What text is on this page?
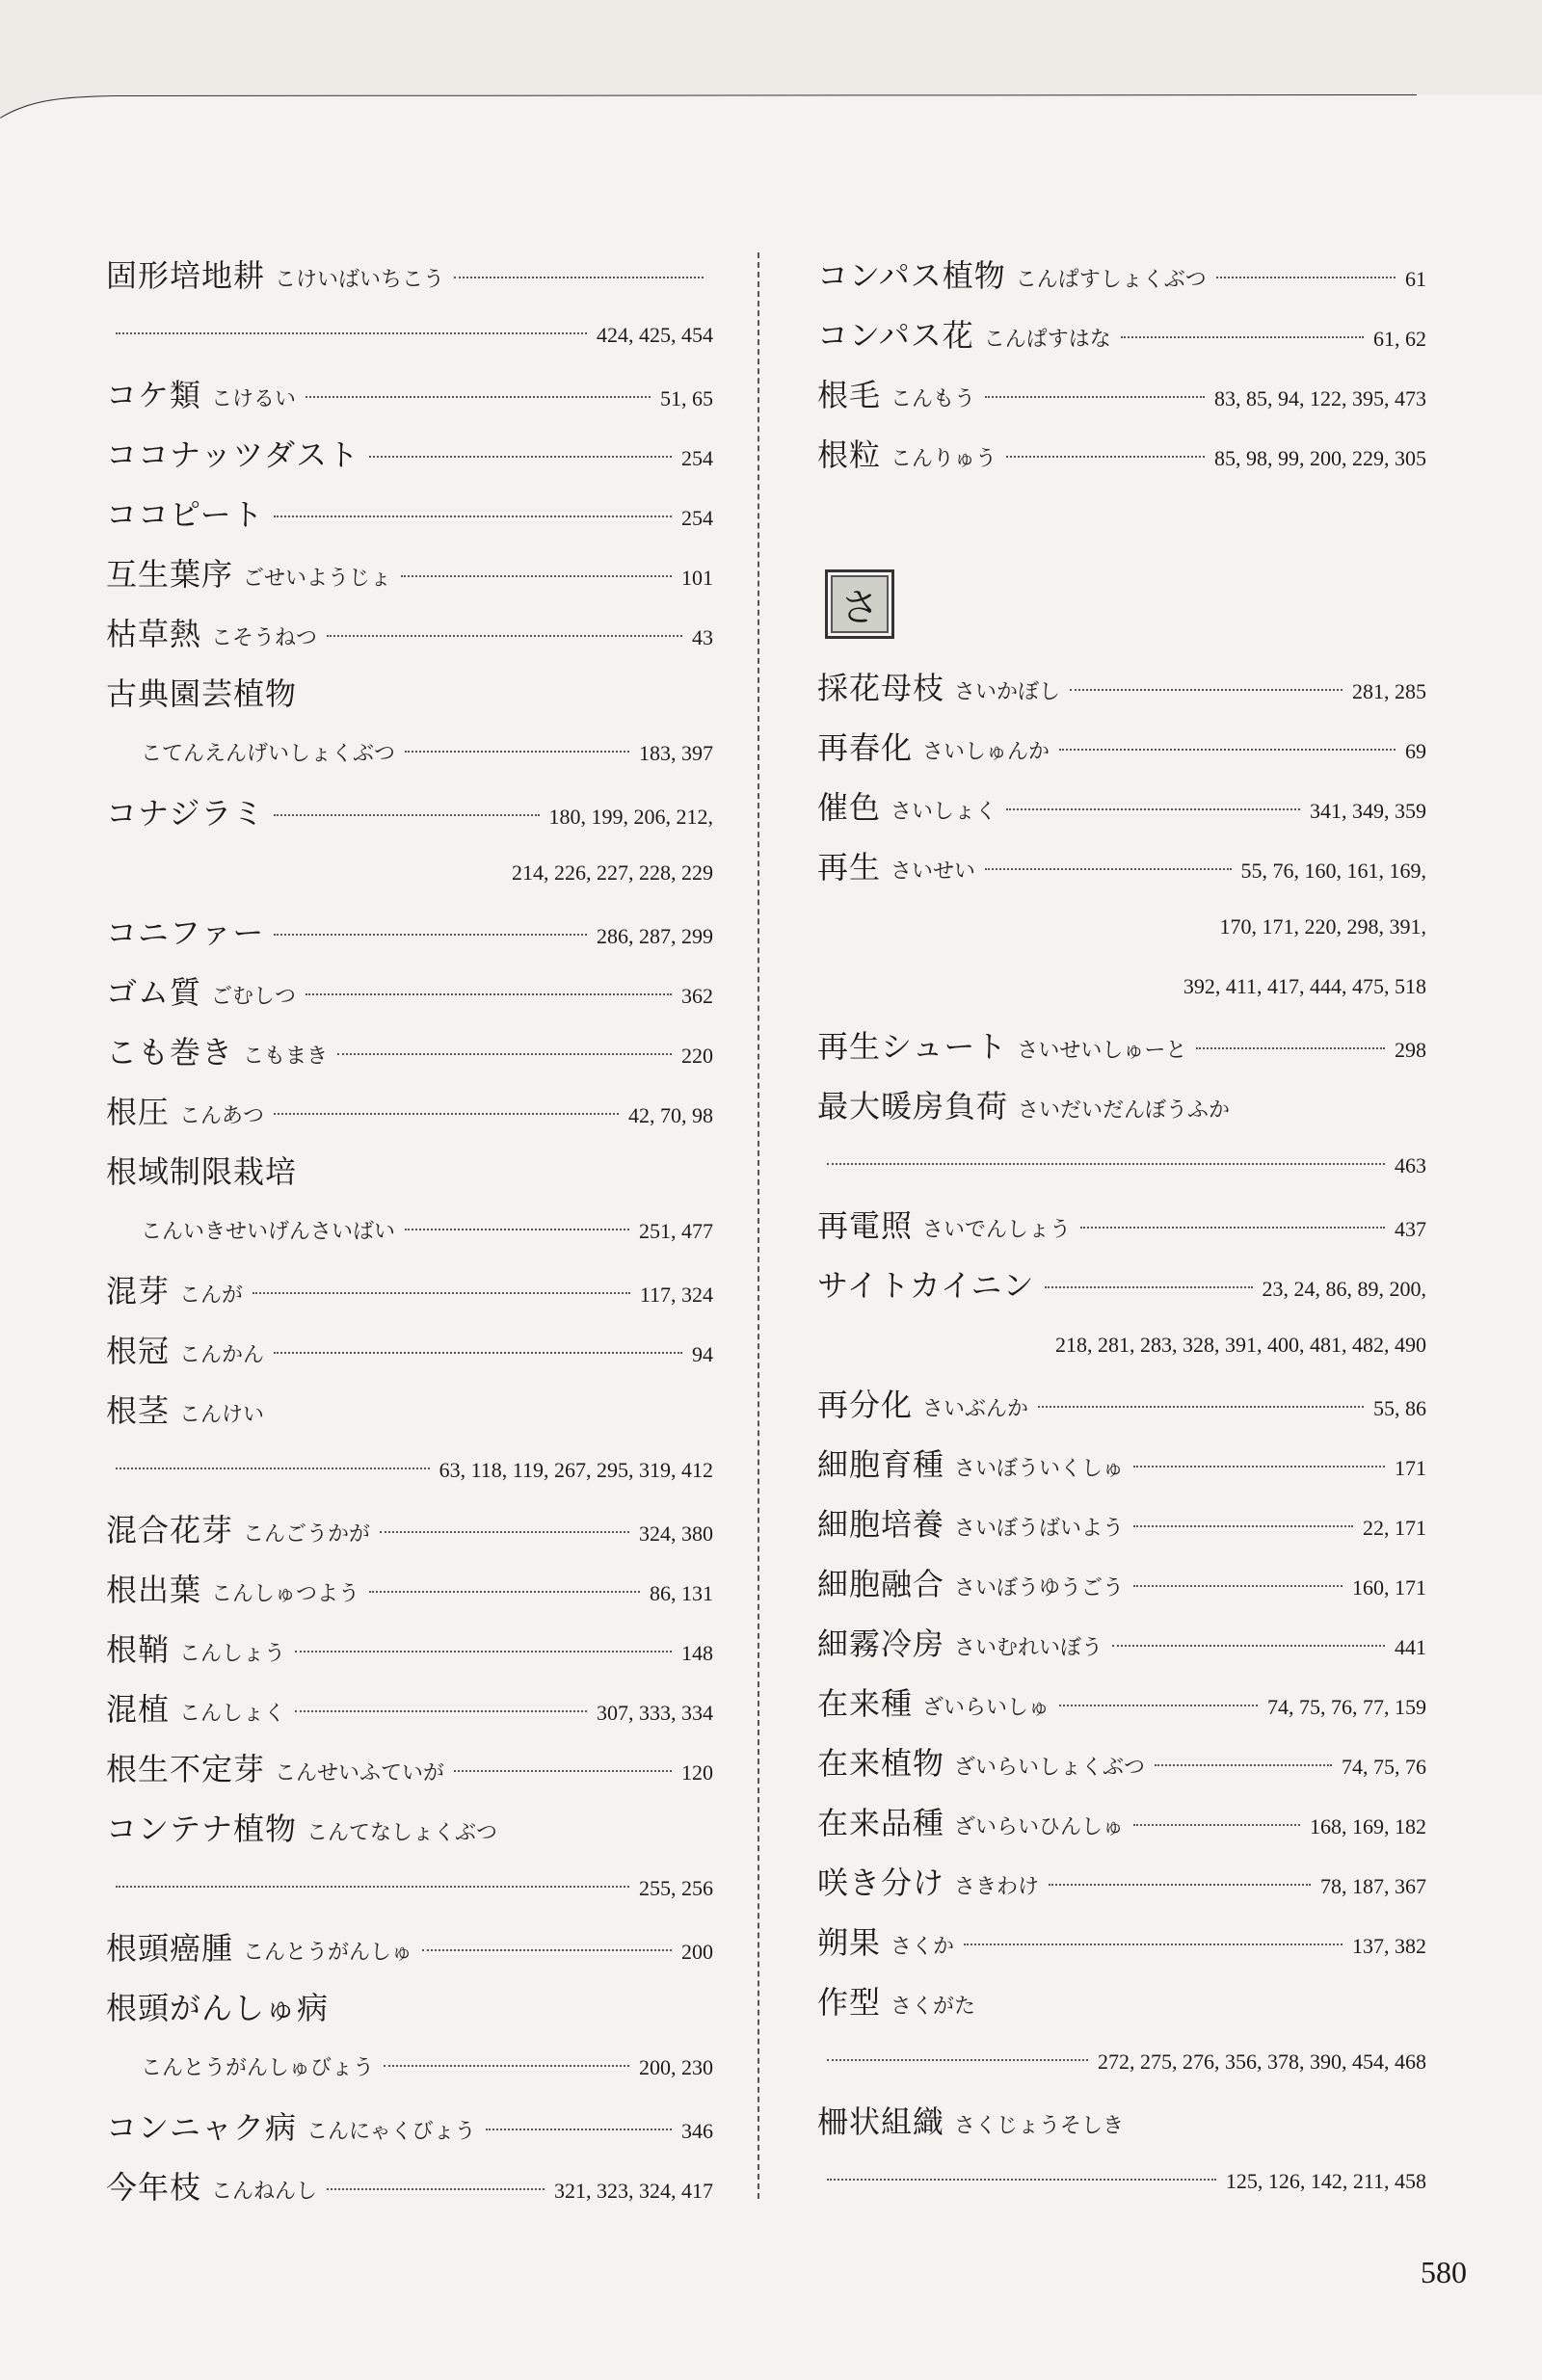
固形培地耕 こけいばいちこう
424, 425, 454
コケ類 こけるい	51, 65
ココナッツダスト	254
ココピート	254
互生葉序 ごせいようじょ	101
枯草熱 こそうねつ	43
古典園芸植物
こてんえんげいしょくぶつ	183, 397
コナジラミ	180, 199, 206, 212,
214, 226, 227, 228, 229
コニファー	286, 287, 299
ゴム質 ごむしつ	362
こも巻き こもまき	220
根圧 こんあつ	42, 70, 98
根域制限栽培
こんいきせいげんさいばい	251, 477
混芽 こんが	117, 324
根冠 こんかん	94
根茎 こんけい
63, 118, 119, 267, 295, 319, 412
混合花芽 こんごうかが	324, 380
根出葉 こんしゅつよう	86, 131
根鞘 こんしょう	148
混植 こんしょく	307, 333, 334
根生不定芽 こんせいふていが	120
コンテナ植物 こんてなしょくぶつ
255, 256
根頭癌腫 こんとうがんしゅ	200
根頭がんしゅ病
こんとうがんしゅびょう	200, 230
コンニャク病 こんにゃくびょう	346
今年枝 こんねんし	321, 323, 324, 417
コンパス植物 こんぱすしょくぶつ	61
コンパス花 こんぱすはな	61, 62
根毛 こんもう	83, 85, 94, 122, 395, 473
根粒 こんりゅう	85, 98, 99, 200, 229, 305
さ
採花母枝 さいかぼし	281, 285
再春化 さいしゅんか	69
催色 さいしょく	341, 349, 359
再生 さいせい	55, 76, 160, 161, 169,
170, 171, 220, 298, 391,
392, 411, 417, 444, 475, 518
再生シュート さいせいしゅーと	298
最大暖房負荷 さいだいだんぼうふか
463
再電照 さいでんしょう	437
サイトカイニン	23, 24, 86, 89, 200,
218, 281, 283, 328, 391, 400, 481, 482, 490
再分化 さいぶんか	55, 86
細胞育種 さいぼういくしゅ	171
細胞培養 さいぼうばいよう	22, 171
細胞融合 さいぼうゆうごう	160, 171
細霧冷房 さいむれいぼう	441
在来種 ざいらいしゅ	74, 75, 76, 77, 159
在来植物 ざいらいしょくぶつ	74, 75, 76
在来品種 ざいらいひんしゅ	168, 169, 182
咲き分け さきわけ	78, 187, 367
朔果 さくか	137, 382
作型 さくがた
272, 275, 276, 356, 378, 390, 454, 468
柵状組織 さくじょうそしき
125, 126, 142, 211, 458
580
